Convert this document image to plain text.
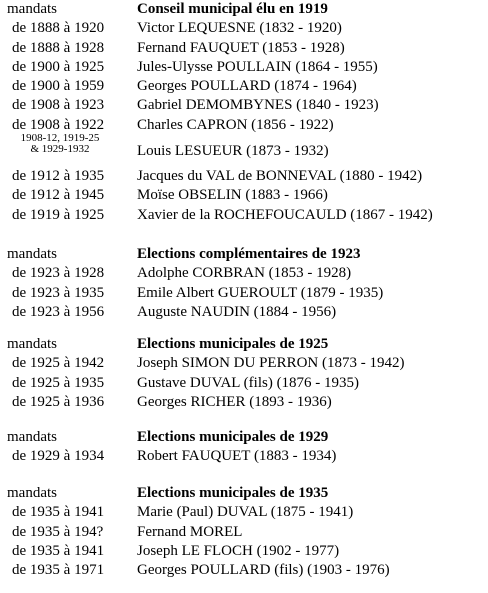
mandats	Conseil municipal élu en 1919
de 1888 à 1920	Victor LEQUESNE (1832 - 1920)
de 1888 à 1928	Fernand FAUQUET (1853 - 1928)
de 1900 à 1925	Jules-Ulysse POULLAIN (1864 - 1955)
de 1900 à 1959	Georges POULLARD (1874 - 1964)
de 1908 à 1923	Gabriel DEMOMBYNES (1840 - 1923)
de 1908 à 1922	Charles CAPRON (1856 - 1922)
1908-12, 1919-25
& 1929-1932	Louis LESUEUR (1873 - 1932)
de 1912 à 1935	Jacques du VAL de BONNEVAL (1880 - 1942)
de 1912 à 1945	Moïse OBSELIN (1883 - 1966)
de 1919 à 1925	Xavier de la ROCHEFOUCAULD (1867 - 1942)
mandats	Elections complémentaires de 1923
de 1923 à 1928	Adolphe CORBRAN (1853 - 1928)
de 1923 à 1935	Emile Albert GUEROULT (1879 - 1935)
de 1923 à 1956	Auguste NAUDIN (1884 - 1956)
mandats	Elections municipales de 1925
de 1925 à 1942	Joseph SIMON DU PERRON (1873 - 1942)
de 1925 à 1935	Gustave DUVAL (fils) (1876 - 1935)
de 1925 à 1936	Georges RICHER (1893 - 1936)
mandats	Elections municipales de 1929
de 1929 à 1934	Robert FAUQUET (1883 - 1934)
mandats	Elections municipales de 1935
de 1935 à 1941	Marie (Paul) DUVAL (1875 - 1941)
de 1935 à 194?	Fernand MOREL
de 1935 à 1941	Joseph LE FLOCH (1902 - 1977)
de 1935 à 1971	Georges POULLARD (fils) (1903 - 1976)
